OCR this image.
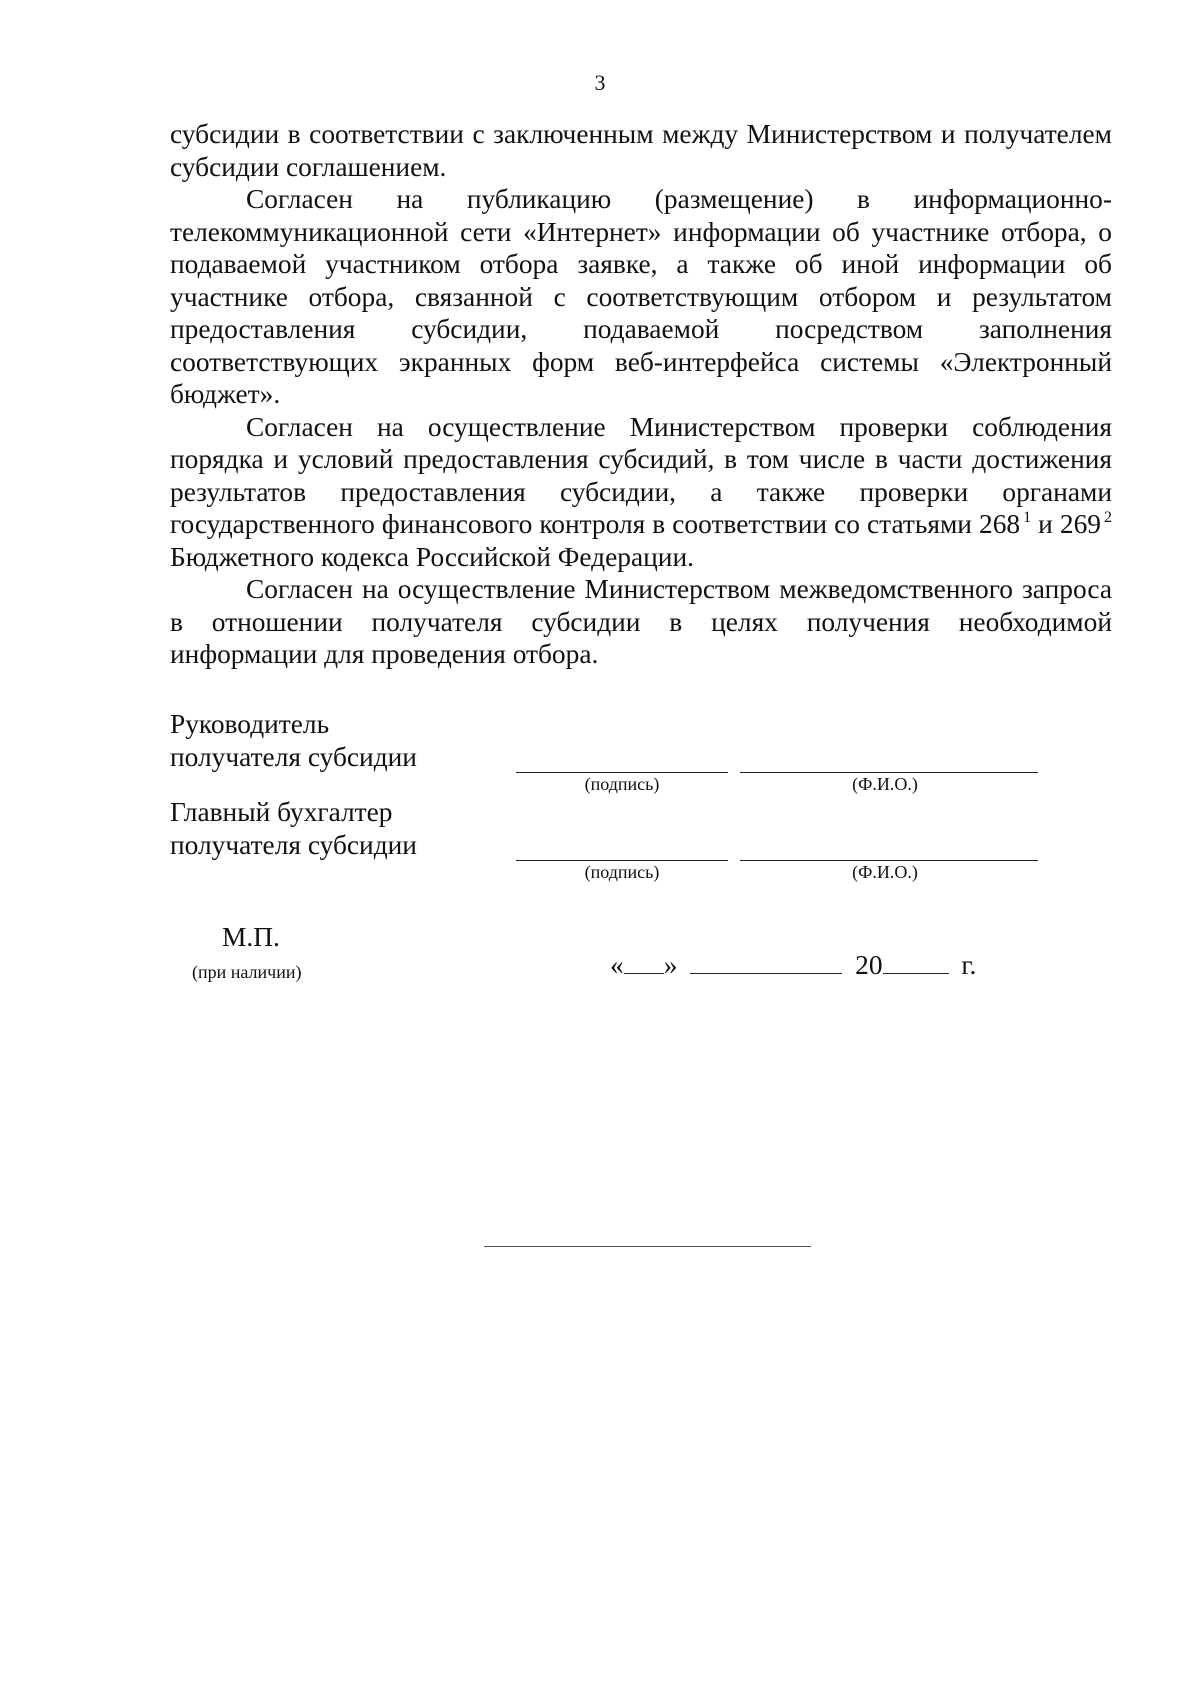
3

субсидии в соответствии с заключенным между Министерством и получателем субсидии соглашением.

Согласен на публикацию (размещение) в информационно-телекоммуникационной сети «Интернет» информации об участнике отбора, о подаваемой участником отбора заявке, а также об иной информации об участнике отбора, связанной с соответствующим отбором и результатом предоставления субсидии, подаваемой посредством заполнения соответствующих экранных форм веб-интерфейса системы «Электронный бюджет».

Согласен на осуществление Министерством проверки соблюдения порядка и условий предоставления субсидий, в том числе в части достижения результатов предоставления субсидии, а также проверки органами государственного финансового контроля в соответствии со статьями 268 $^1$ и 269 $^2$ Бюджетного кодекса Российской Федерации.

Согласен на осуществление Министерством межведомственного запроса в отношении получателя субсидии в целях получения необходимой информации для проведения отбора.

Руководитель
получателя субсидии
(подпись)	(Ф.И.О.)
Главный бухгалтер
получателя субсидии
(подпись)	(Ф.И.О.)
М.П.
(при наличии)	« »	20	г.
